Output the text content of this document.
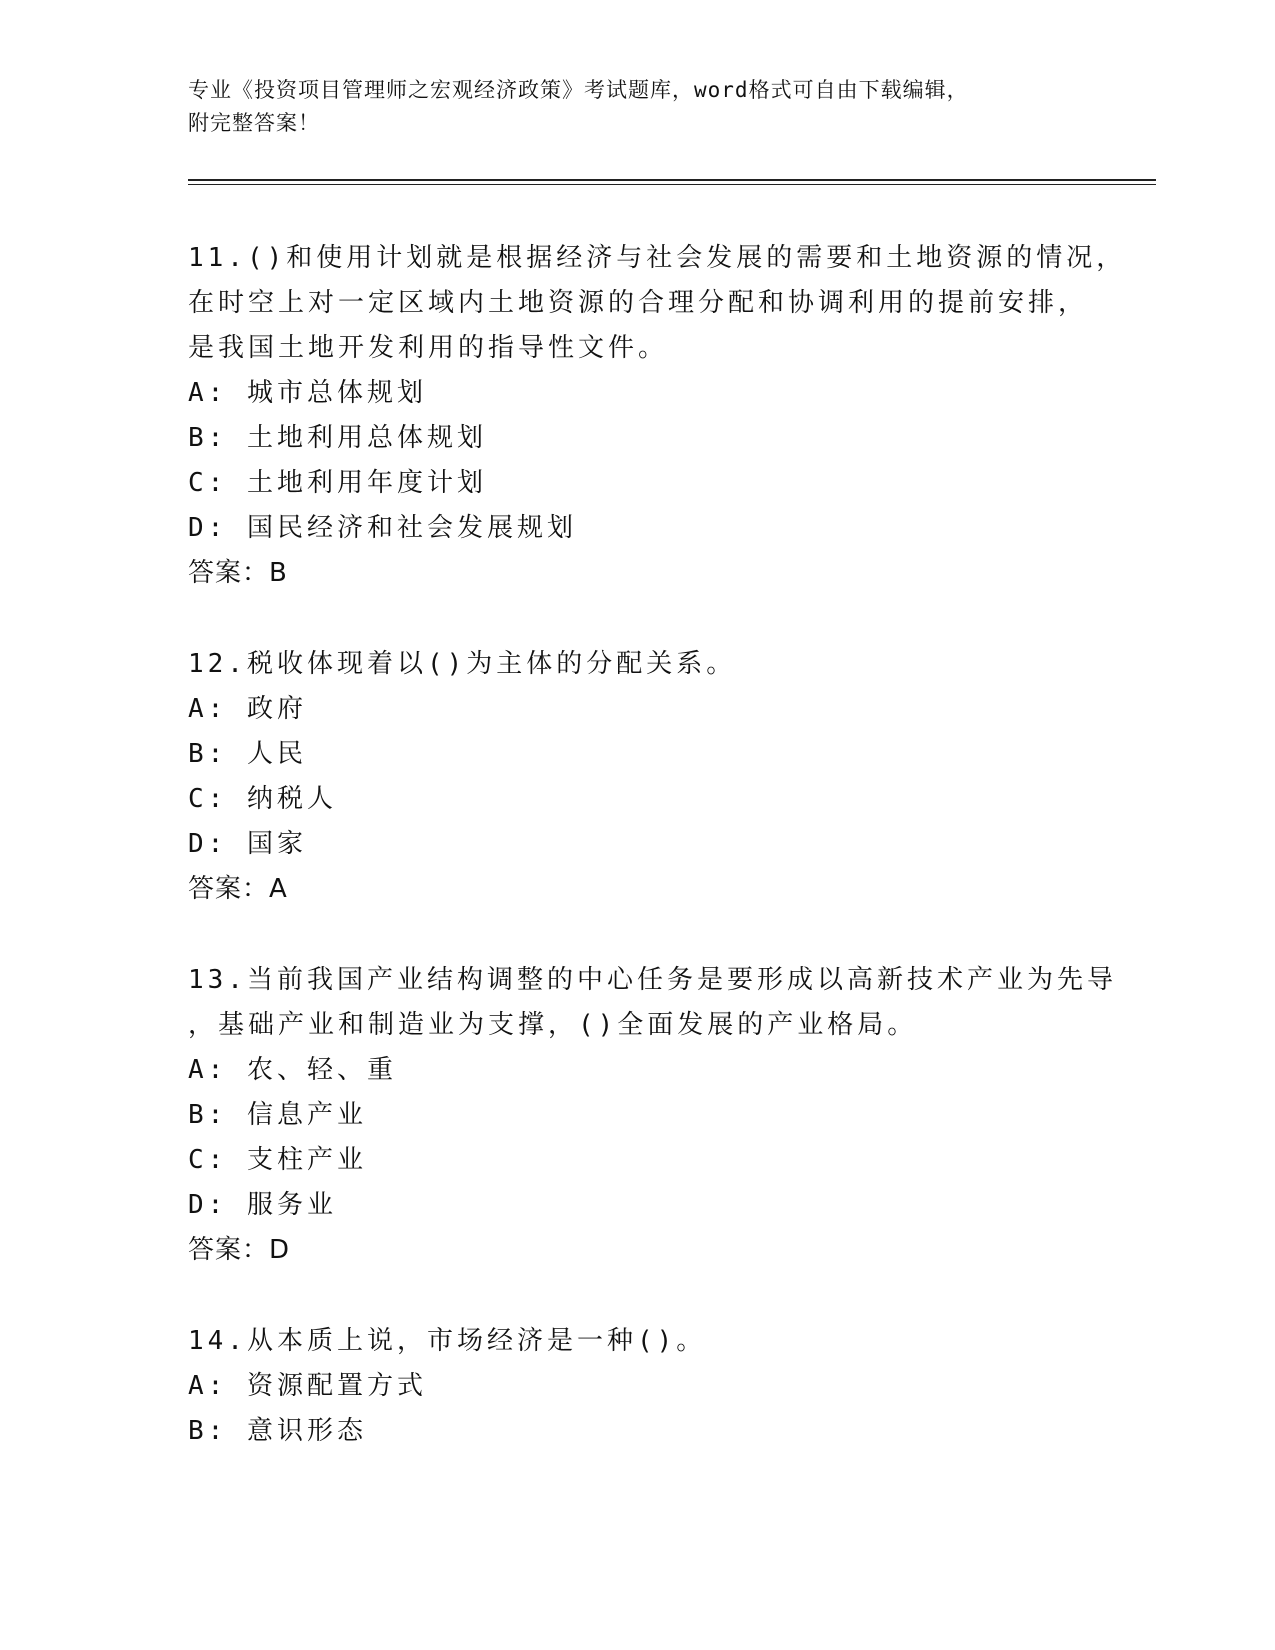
专业《投资项目管理师之宏观经济政策》考试题库，word格式可自由下载编辑，
附完整答案！
11.()和使用计划就是根据经济与社会发展的需要和土地资源的情况，
在时空上对一定区域内土地资源的合理分配和协调利用的提前安排，
是我国土地开发利用的指导性文件。
A: 城市总体规划
B: 土地利用总体规划
C: 土地利用年度计划
D: 国民经济和社会发展规划
答案：B
12.税收体现着以()为主体的分配关系。
A: 政府
B: 人民
C: 纳税人
D: 国家
答案：A
13.当前我国产业结构调整的中心任务是要形成以高新技术产业为先导
，基础产业和制造业为支撑，()全面发展的产业格局。
A: 农、轻、重
B: 信息产业
C: 支柱产业
D: 服务业
答案：D
14.从本质上说，市场经济是一种()。
A: 资源配置方式
B: 意识形态
